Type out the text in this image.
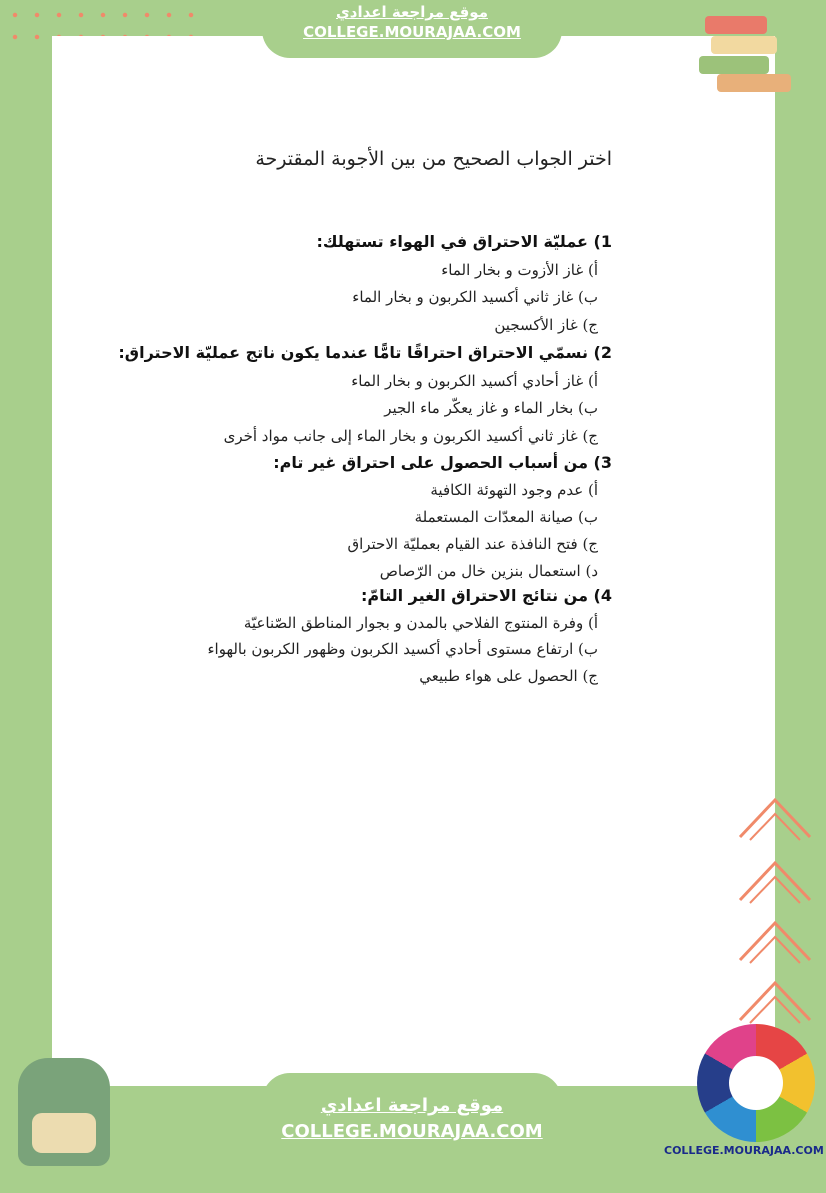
موقع مراجعة اعدادي
COLLEGE.MOURAJAA.COM
اختر الجواب الصحيح من بين الأجوبة المقترحة
1) عمليّة الاحتراق في الهواء تستهلك:
أ) غاز الأزوت و بخار الماء
ب) غاز ثاني أكسيد الكربون و بخار الماء
ج) غاز الأكسجين
2) نسمّي الاحتراق احتراقًا تامًّا عندما يكون ناتج عمليّة الاحتراق:
أ) غاز أحادي أكسيد الكربون و بخار الماء
ب) بخار الماء و غاز يعكّر ماء الجير
ج) غاز ثاني أكسيد الكربون و بخار الماء إلى جانب مواد أخرى
3) من أسباب الحصول على احتراق غير تام:
أ) عدم وجود التهوئة الكافية
ب) صيانة المعدّات المستعملة
ج) فتح النافذة عند القيام بعمليّة الاحتراق
د) استعمال بنزين خال من الرّصاص
4) من نتائج الاحتراق الغير التامّ:
أ) وفرة المنتوج الفلاحي بالمدن و بجوار المناطق الصّناعيّة
ب) ارتفاع مستوى أحادي أكسيد الكربون وظهور الكربون بالهواء
ج) الحصول على هواء طبيعي
موقع مراجعة اعدادي
COLLEGE.MOURAJAA.COM
COLLEGE.MOURAJAA.COM
